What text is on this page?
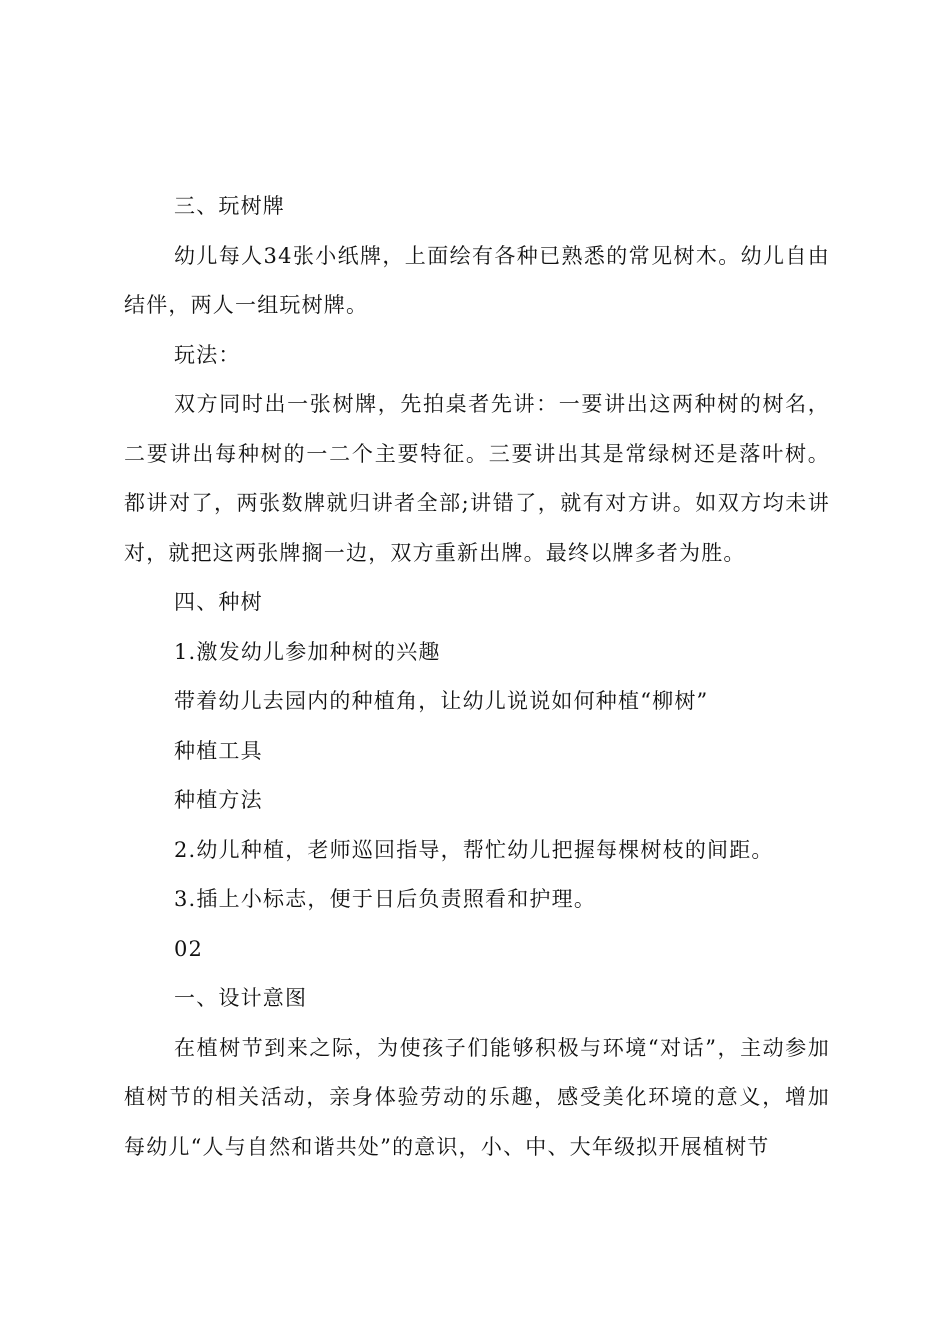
三、玩树牌

幼儿每人34张小纸牌，上面绘有各种已熟悉的常见树木。幼儿自由结伴，两人一组玩树牌。

玩法：

双方同时出一张树牌，先拍桌者先讲：一要讲出这两种树的树名，二要讲出每种树的一二个主要特征。三要讲出其是常绿树还是落叶树。都讲对了，两张数牌就归讲者全部;讲错了，就有对方讲。如双方均未讲对，就把这两张牌搁一边，双方重新出牌。最终以牌多者为胜。

四、种树

1.激发幼儿参加种树的兴趣

带着幼儿去园内的种植角，让幼儿说说如何种植“柳树”

种植工具

种植方法

2.幼儿种植，老师巡回指导，帮忙幼儿把握每棵树枝的间距。

3.插上小标志，便于日后负责照看和护理。

02

一、设计意图

在植树节到来之际，为使孩子们能够积极与环境“对话”，主动参加植树节的相关活动，亲身体验劳动的乐趣，感受美化环境的意义，增加每幼儿“人与自然和谐共处”的意识，小、中、大年级拟开展植树节
